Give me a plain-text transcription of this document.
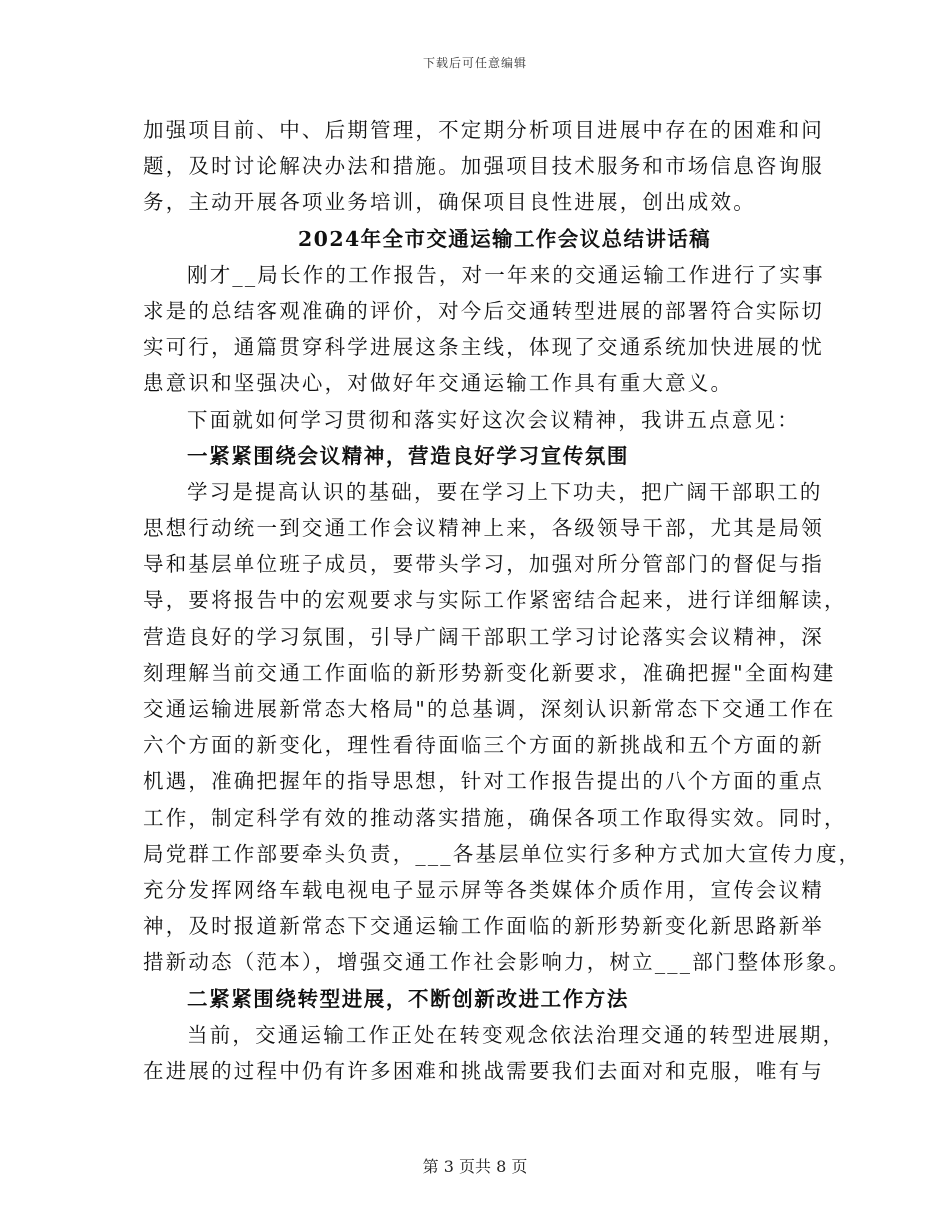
下载后可任意编辑
加强项目前、中、后期管理，不定期分析项目进展中存在的困难和问
题，及时讨论解决办法和措施。加强项目技术服务和市场信息咨询服
务，主动开展各项业务培训，确保项目良性进展，创出成效。
2024年全市交通运输工作会议总结讲话稿
刚才__局长作的工作报告，对一年来的交通运输工作进行了实事
求是的总结客观准确的评价，对今后交通转型进展的部署符合实际切
实可行，通篇贯穿科学进展这条主线，体现了交通系统加快进展的忧
患意识和坚强决心，对做好年交通运输工作具有重大意义。
下面就如何学习贯彻和落实好这次会议精神，我讲五点意见：
一紧紧围绕会议精神，营造良好学习宣传氛围
学习是提高认识的基础，要在学习上下功夫，把广阔干部职工的
思想行动统一到交通工作会议精神上来，各级领导干部，尤其是局领
导和基层单位班子成员，要带头学习，加强对所分管部门的督促与指
导，要将报告中的宏观要求与实际工作紧密结合起来，进行详细解读，
营造良好的学习氛围，引导广阔干部职工学习讨论落实会议精神，深
刻理解当前交通工作面临的新形势新变化新要求，准确把握"全面构建
交通运输进展新常态大格局"的总基调，深刻认识新常态下交通工作在
六个方面的新变化，理性看待面临三个方面的新挑战和五个方面的新
机遇，准确把握年的指导思想，针对工作报告提出的八个方面的重点
工作，制定科学有效的推动落实措施，确保各项工作取得实效。同时，
局党群工作部要牵头负责，___各基层单位实行多种方式加大宣传力度，
充分发挥网络车载电视电子显示屏等各类媒体介质作用，宣传会议精
神，及时报道新常态下交通运输工作面临的新形势新变化新思路新举
措新动态（范本），增强交通工作社会影响力，树立___部门整体形象。
二紧紧围绕转型进展，不断创新改进工作方法
当前，交通运输工作正处在转变观念依法治理交通的转型进展期，
在进展的过程中仍有许多困难和挑战需要我们去面对和克服，唯有与
第 3 页共 8 页
